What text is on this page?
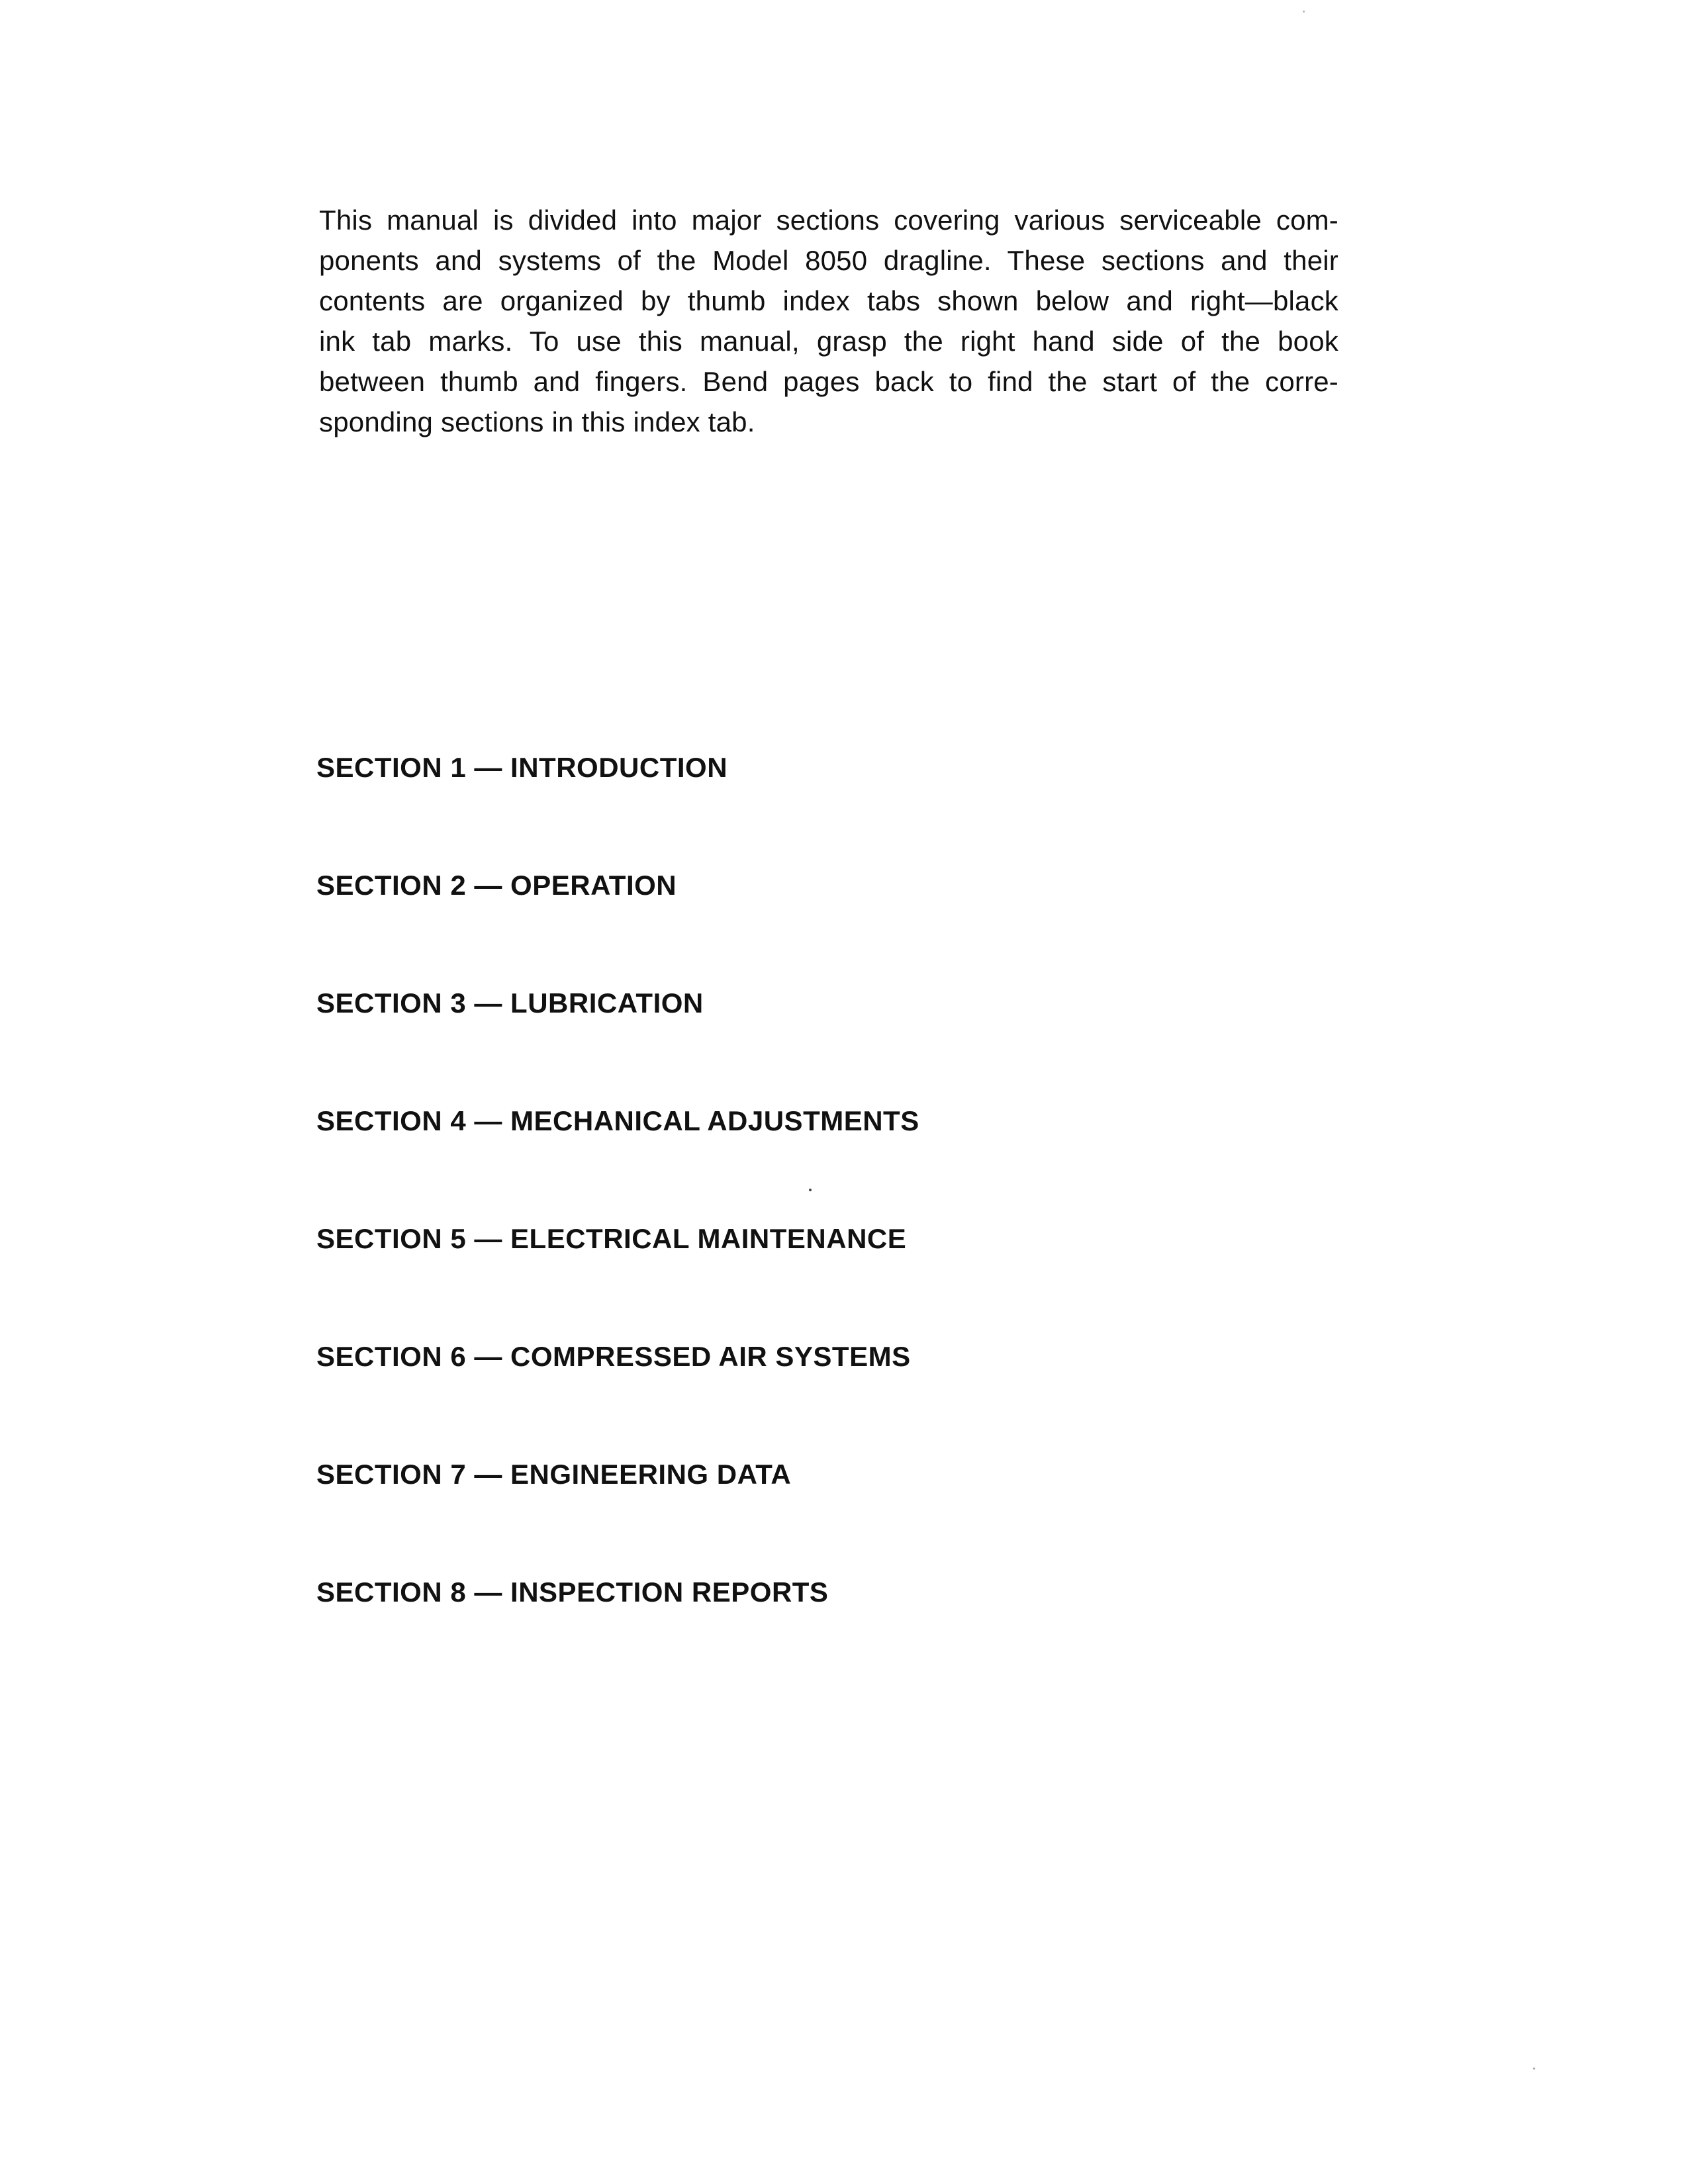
This manual is divided into major sections covering various serviceable com-
ponents and systems of the Model 8050 dragline. These sections and their
contents are organized by thumb index tabs shown below and right—black
ink tab marks. To use this manual, grasp the right hand side of the book
between thumb and fingers. Bend pages back to find the start of the corre-
sponding sections in this index tab.
SECTION 1 — INTRODUCTION
SECTION 2 — OPERATION
SECTION 3 — LUBRICATION
SECTION 4 — MECHANICAL ADJUSTMENTS
SECTION 5 — ELECTRICAL MAINTENANCE
SECTION 6 — COMPRESSED AIR SYSTEMS
SECTION 7 — ENGINEERING DATA
SECTION 8 — INSPECTION REPORTS
